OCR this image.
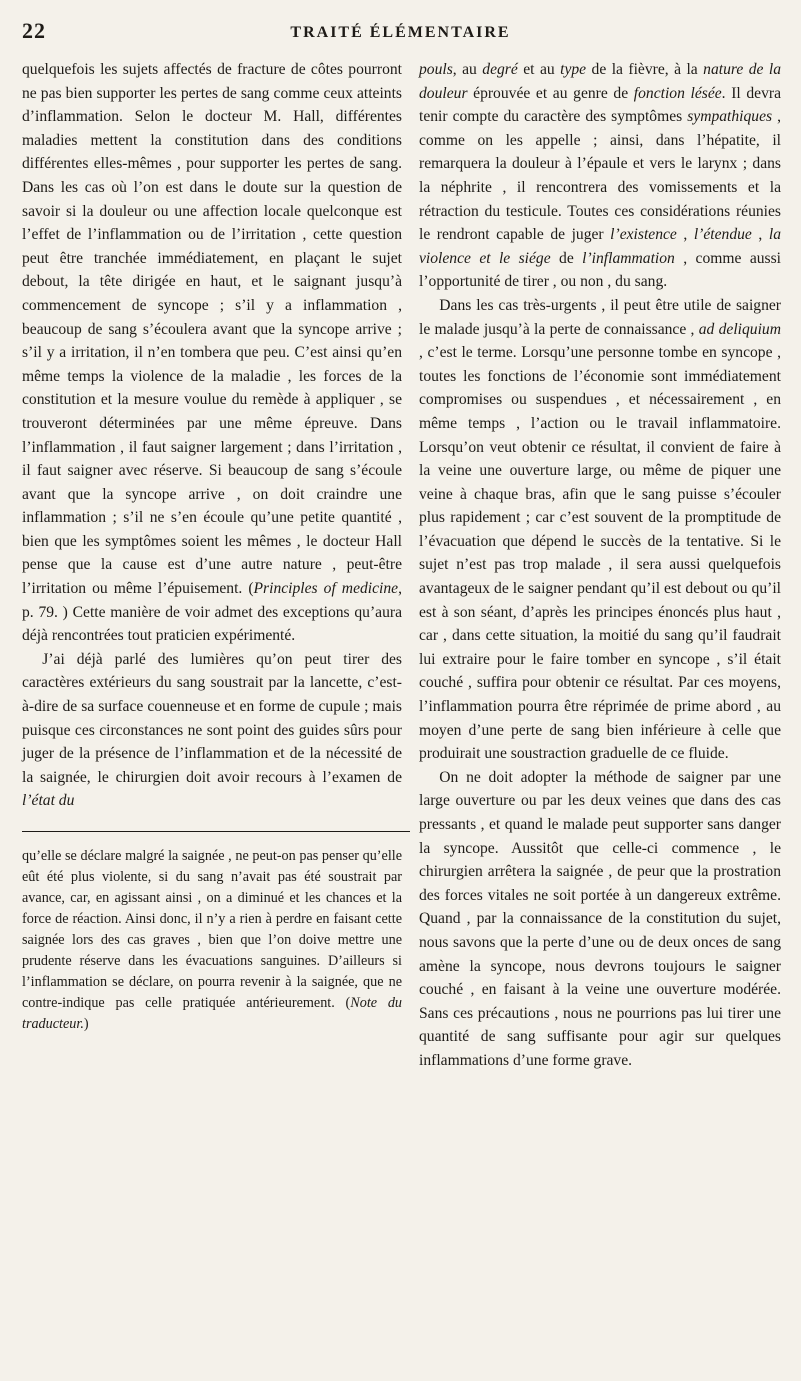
22	TRAITÉ ÉLÉMENTAIRE

quelquefois les sujets affectés de fracture de côtes pourront ne pas bien supporter les pertes de sang comme ceux atteints d’inflammation. Selon le docteur M. Hall, différentes maladies mettent la constitution dans des conditions différentes elles-mêmes , pour supporter les pertes de sang. Dans les cas où l’on est dans le doute sur la question de savoir si la douleur ou une affection locale quelconque est l’effet de l’inflammation ou de l’irritation , cette question peut être tranchée immédiatement, en plaçant le sujet debout, la tête dirigée en haut, et le saignant jusqu’à commencement de syncope ; s’il y a inflammation , beaucoup de sang s’écoulera avant que la syncope arrive ; s’il y a irritation, il n’en tombera que peu. C’est ainsi qu’en même temps la violence de la maladie , les forces de la constitution et la mesure voulue du remède à appliquer , se trouveront déterminées par une même épreuve. Dans l’inflammation , il faut saigner largement ; dans l’irritation , il faut saigner avec réserve. Si beaucoup de sang s’écoule avant que la syncope arrive , on doit craindre une inflammation ; s’il ne s’en écoule qu’une petite quantité , bien que les symptômes soient les mêmes , le docteur Hall pense que la cause est d’une autre nature , peut-être l’irritation ou même l’épuisement. (Principles of medicine, p. 79. ) Cette manière de voir admet des exceptions qu’aura déjà rencontrées tout praticien expérimenté.

J’ai déjà parlé des lumières qu’on peut tirer des caractères extérieurs du sang soustrait par la lancette, c’est-à-dire de sa surface couenneuse et en forme de cupule ; mais puisque ces circonstances ne sont point des guides sûrs pour juger de la présence de l’inflammation et de la nécessité de la saignée, le chirurgien doit avoir recours à l’examen de l’état du

qu’elle se déclare malgré la saignée , ne peut-on pas penser qu’elle eût été plus violente, si du sang n’avait pas été soustrait par avance, car, en agissant ainsi , on a diminué et les chances et la force de réaction. Ainsi donc, il n’y a rien à perdre en faisant cette saignée lors des cas graves , bien que l’on doive mettre une prudente réserve dans les évacuations sanguines. D’ailleurs si l’inflammation se déclare, on pourra revenir à la saignée, que ne contre-indique pas celle pratiquée antérieurement. (Note du traducteur.)

pouls, au degré et au type de la fièvre, à la nature de la douleur éprouvée et au genre de fonction lésée. Il devra tenir compte du caractère des symptômes sympathiques , comme on les appelle ; ainsi, dans l’hépatite, il remarquera la douleur à l’épaule et vers le larynx ; dans la néphrite , il rencontrera des vomissements et la rétraction du testicule. Toutes ces considérations réunies le rendront capable de juger l’existence , l’étendue , la violence et le siége de l’inflammation , comme aussi l’opportunité de tirer , ou non , du sang.

Dans les cas très-urgents , il peut être utile de saigner le malade jusqu’à la perte de connaissance , ad deliquium , c’est le terme. Lorsqu’une personne tombe en syncope , toutes les fonctions de l’économie sont immédiatement compromises ou suspendues , et nécessairement , en même temps , l’action ou le travail inflammatoire. Lorsqu’on veut obtenir ce résultat, il convient de faire à la veine une ouverture large, ou même de piquer une veine à chaque bras, afin que le sang puisse s’écouler plus rapidement ; car c’est souvent de la promptitude de l’évacuation que dépend le succès de la tentative. Si le sujet n’est pas trop malade , il sera aussi quelquefois avantageux de le saigner pendant qu’il est debout ou qu’il est à son séant, d’après les principes énoncés plus haut , car , dans cette situation, la moitié du sang qu’il faudrait lui extraire pour le faire tomber en syncope , s’il était couché , suffira pour obtenir ce résultat. Par ces moyens, l’inflammation pourra être réprimée de prime abord , au moyen d’une perte de sang bien inférieure à celle que produirait une soustraction graduelle de ce fluide.

On ne doit adopter la méthode de saigner par une large ouverture ou par les deux veines que dans des cas pressants , et quand le malade peut supporter sans danger la syncope. Aussitôt que celle-ci commence , le chirurgien arrêtera la saignée , de peur que la prostration des forces vitales ne soit portée à un dangereux extrême. Quand , par la connaissance de la constitution du sujet, nous savons que la perte d’une ou de deux onces de sang amène la syncope, nous devrons toujours le saigner couché , en faisant à la veine une ouverture modérée. Sans ces précautions , nous ne pourrions pas lui tirer une quantité de sang suffisante pour agir sur quelques inflammations d’une forme grave.
